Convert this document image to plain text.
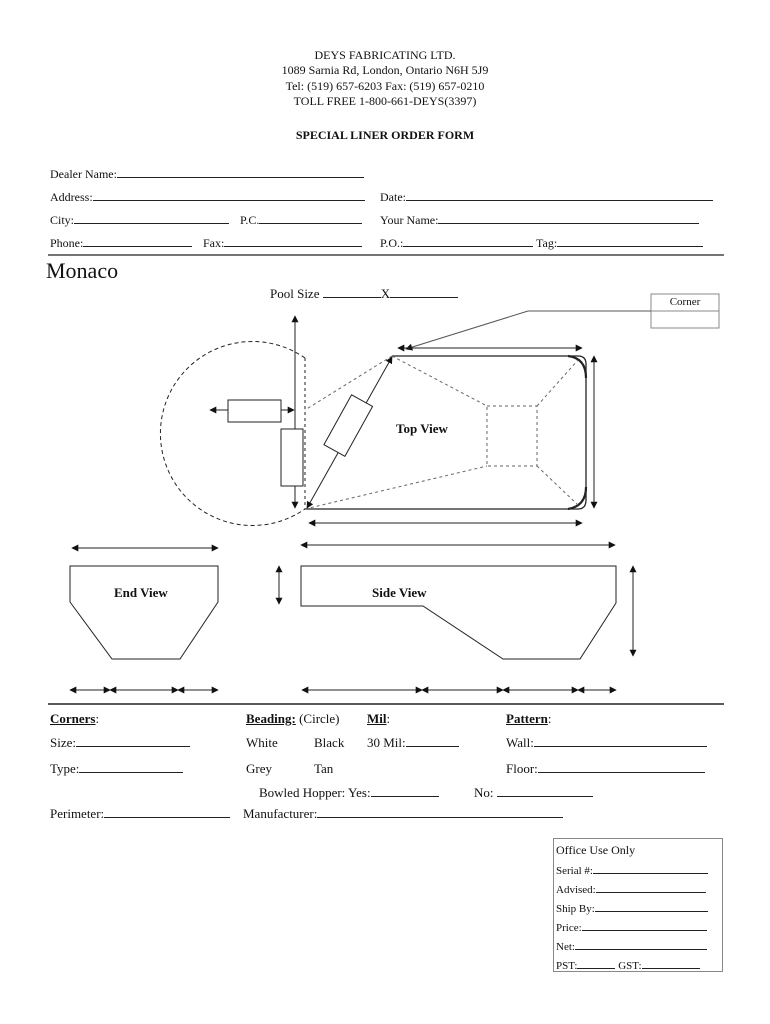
DEYS FABRICATING LTD.
1089 Sarnia Rd, London, Ontario N6H 5J9
Tel: (519) 657-6203 Fax: (519) 657-0210
TOLL FREE 1-800-661-DEYS(3397)
SPECIAL LINER ORDER FORM
Dealer Name:
Address:	Date:
City:	P.C.	Your Name:
Phone:	Fax:	P.O.:	Tag:
Monaco
Pool Size	X
Corner
Top View
End View	Side View
Corners:
Size:
Type:
Beading: (Circle)
White	Black
Grey	Tan
Mil:
30 Mil:
Pattern:
Wall:
Floor:
Bowled Hopper: Yes:	No:
Perimeter:	Manufacturer:
Office Use Only
Serial #:
Advised:
Ship By:
Price:
Net:
PST:	GST:
